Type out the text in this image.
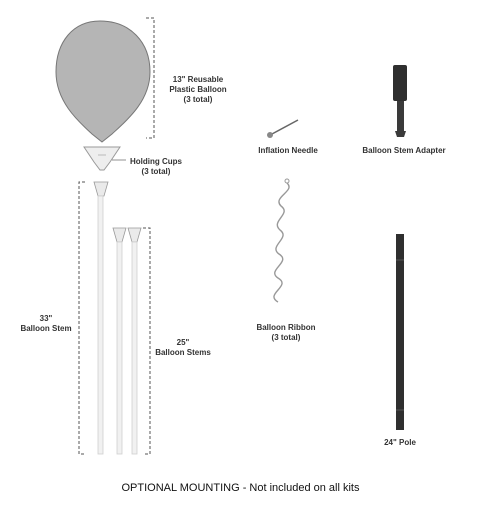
13" Reusable
Plastic Balloon
(3 total)
Holding Cups
(3 total)
Inflation Needle	Balloon Stem Adapter
33"
Balloon Stem
25"
Balloon Stems
Balloon Ribbon
(3 total)
24" Pole
OPTIONAL MOUNTING - Not included on all kits
